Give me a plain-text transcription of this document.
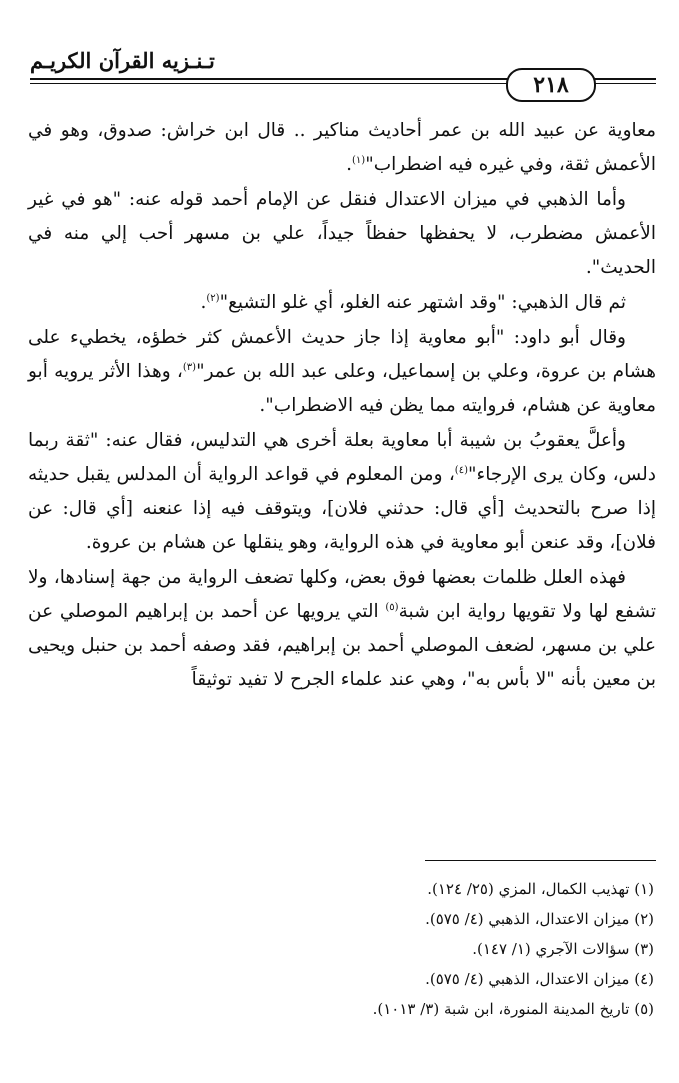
تـنـزيه القرآن الكريـم
٢١٨

معاوية عن عبيد الله بن عمر أحاديث مناكير .. قال ابن خراش: صدوق، وهو في الأعمش ثقة، وفي غيره فيه اضطراب"$^{(١)}$.

وأما الذهبي في ميزان الاعتدال فنقل عن الإمام أحمد قوله عنه: "هو في غير الأعمش مضطرب، لا يحفظها حفظاً جيداً، علي بن مسهر أحب إلي منه في الحديث".

ثم قال الذهبي: "وقد اشتهر عنه الغلو، أي غلو التشيع"$^{(٢)}$.

وقال أبو داود: "أبو معاوية إذا جاز حديث الأعمش كثر خطؤه، يخطيء على هشام بن عروة، وعلي بن إسماعيل، وعلى عبد الله بن عمر"$^{(٣)}$، وهذا الأثر يرويه أبو معاوية عن هشام، فروايته مما يظن فيه الاضطراب".

وأعلَّ يعقوبُ بن شيبة أبا معاوية بعلة أخرى هي التدليس، فقال عنه: "ثقة ربما دلس، وكان يرى الإرجاء"$^{(٤)}$، ومن المعلوم في قواعد الرواية أن المدلس يقبل حديثه إذا صرح بالتحديث [أي قال: حدثني فلان]، ويتوقف فيه إذا عنعنه [أي قال: عن فلان]، وقد عنعن أبو معاوية في هذه الرواية، وهو ينقلها عن هشام بن عروة.

فهذه العلل ظلمات بعضها فوق بعض، وكلها تضعف الرواية من جهة إسنادها، ولا تشفع لها ولا تقويها رواية ابن شبة$^{(٥)}$ التي يرويها عن أحمد بن إبراهيم الموصلي عن علي بن مسهر، لضعف الموصلي أحمد بن إبراهيم، فقد وصفه أحمد بن حنبل ويحيى بن معين بأنه "لا بأس به"، وهي عند علماء الجرح لا تفيد توثيقاً

(١) تهذيب الكمال، المزي (٢٥/ ١٢٤).
(٢) ميزان الاعتدال، الذهبي (٤/ ٥٧٥).
(٣) سؤالات الآجري (١/ ١٤٧).
(٤) ميزان الاعتدال، الذهبي (٤/ ٥٧٥).
(٥) تاريخ المدينة المنورة، ابن شبة (٣/ ١٠١٣).
